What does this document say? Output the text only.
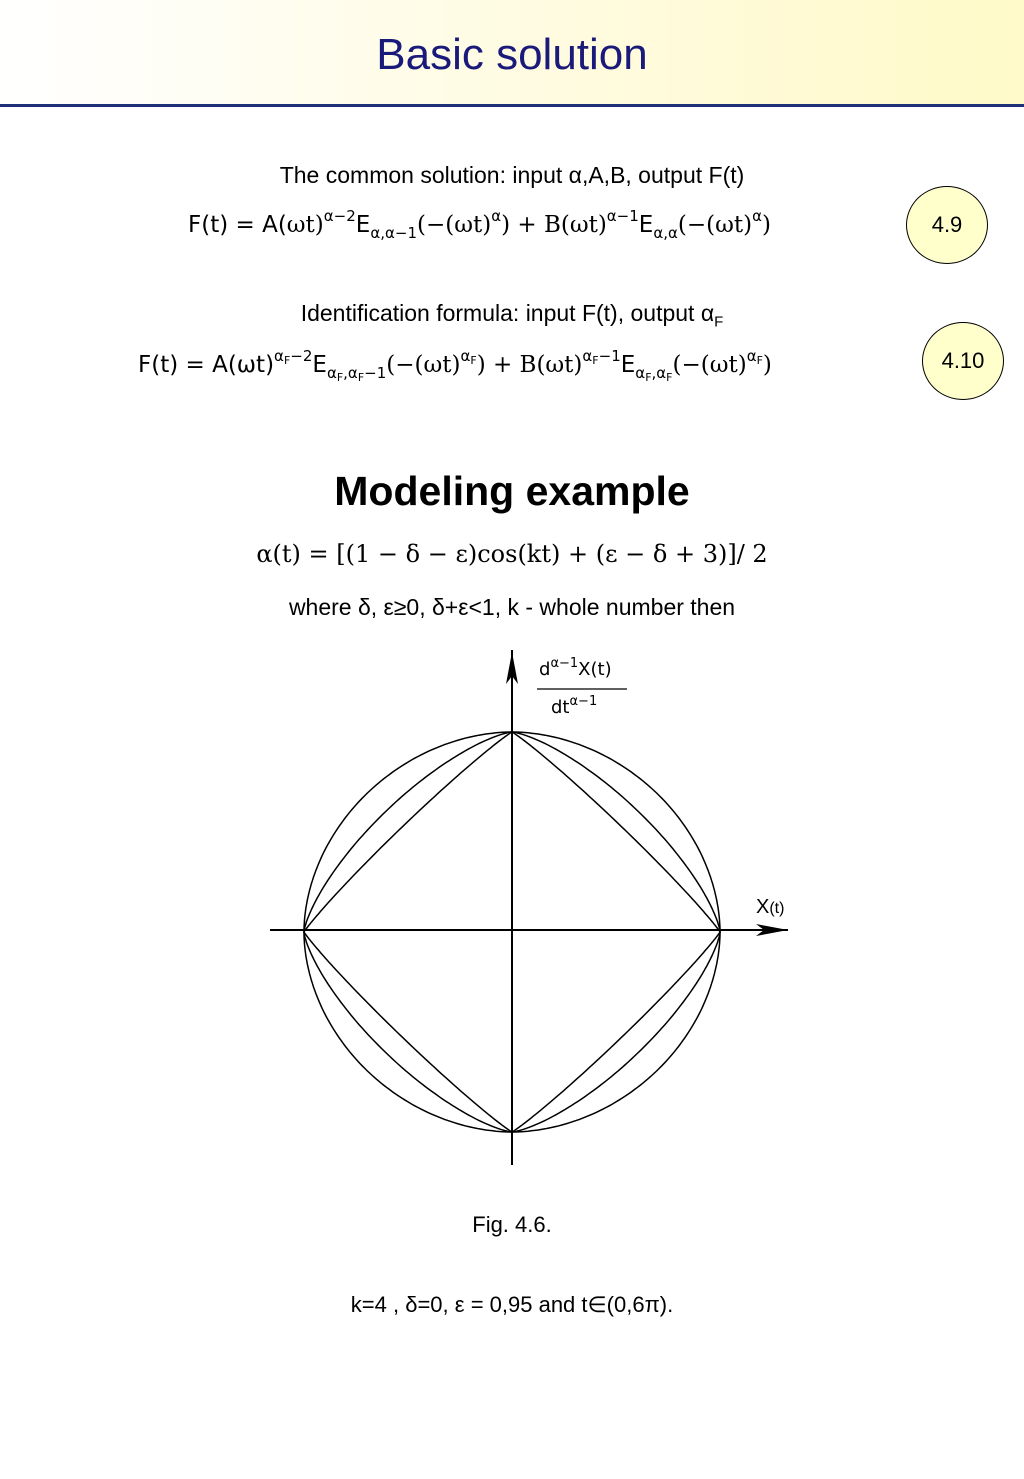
Basic solution
The common solution: input α,A,B, output F(t)
$F(t) = A(\omega t)^{\alpha-2}E_{\alpha,\alpha-1}(-(\omega t)^\alpha) + B(\omega t)^{\alpha-1}E_{\alpha,\alpha}(-(\omega t)^\alpha)$	4.9
Identification formula: input F(t), output $\alpha_F$
$F(t) = A(\omega t)^{\alpha_F-2}E_{\alpha_F,\alpha_F-1}(-(\omega t)^{\alpha_F}) + B(\omega t)^{\alpha_F-1}E_{\alpha_F,\alpha_F}(-(\omega t)^{\alpha_F})$	4.10
Modeling example
α(t) = [(1 − δ − ε)cos(kt) + (ε − δ + 3)]/ 2
where δ, ε≥0, δ+ε<1, k - whole number then
$d^{\alpha-1}X(t)$
$dt^{\alpha-1}$
X(t)
Fig. 4.6.
k=4 , δ=0, ε = 0,95 and t∈(0,6π).
